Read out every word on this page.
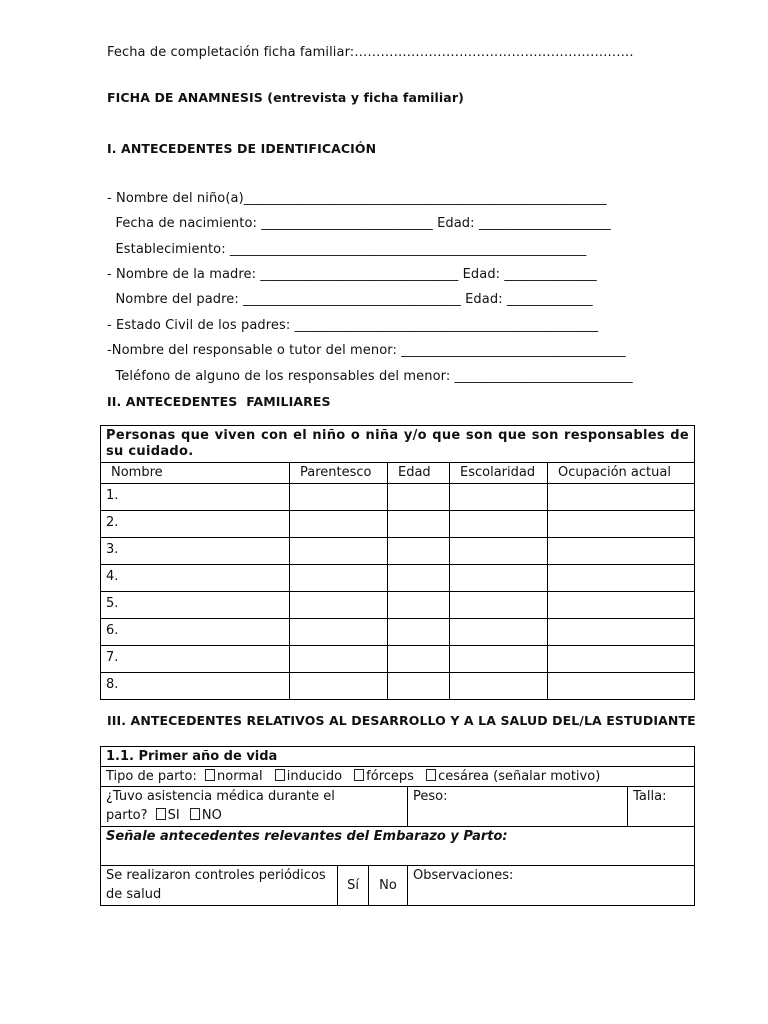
Fecha de completación ficha familiar:……………………………………………………….
FICHA DE ANAMNESIS (entrevista y ficha familiar)
I. ANTECEDENTES DE IDENTIFICACIÓN
- Nombre del niño(a)_______________________________________________________
Fecha de nacimiento: __________________________ Edad: ____________________
Establecimiento: ______________________________________________________
- Nombre de la madre: ______________________________ Edad: ______________
Nombre del padre: _________________________________ Edad: _____________
- Estado Civil de los padres: ______________________________________________
-Nombre del responsable o tutor del menor: __________________________________
Teléfono de alguno de los responsables del menor: ___________________________
II. ANTECEDENTES  FAMILIARES
Personas que viven con el niño o niña y/o que son que son responsables de su cuidado.				
Nombre	Parentesco	Edad	Escolaridad	Ocupación actual
1.				
2.				
3.				
4.				
5.				
6.				
7.				
8.				
III. ANTECEDENTES RELATIVOS AL DESARROLLO Y A LA SALUD DEL/LA ESTUDIANTE
1.1. Primer año de vida				
Tipo de parto: normal inducido fórceps cesárea (señalar motivo)				

¿Tuvo asistencia médica durante el
parto? SI NO			Peso:	Talla:
Señale antecedentes relevantes del Embarazo y Parto:				

Se realizaron controles periódicos
de salud	Sí	No	Observaciones:	
